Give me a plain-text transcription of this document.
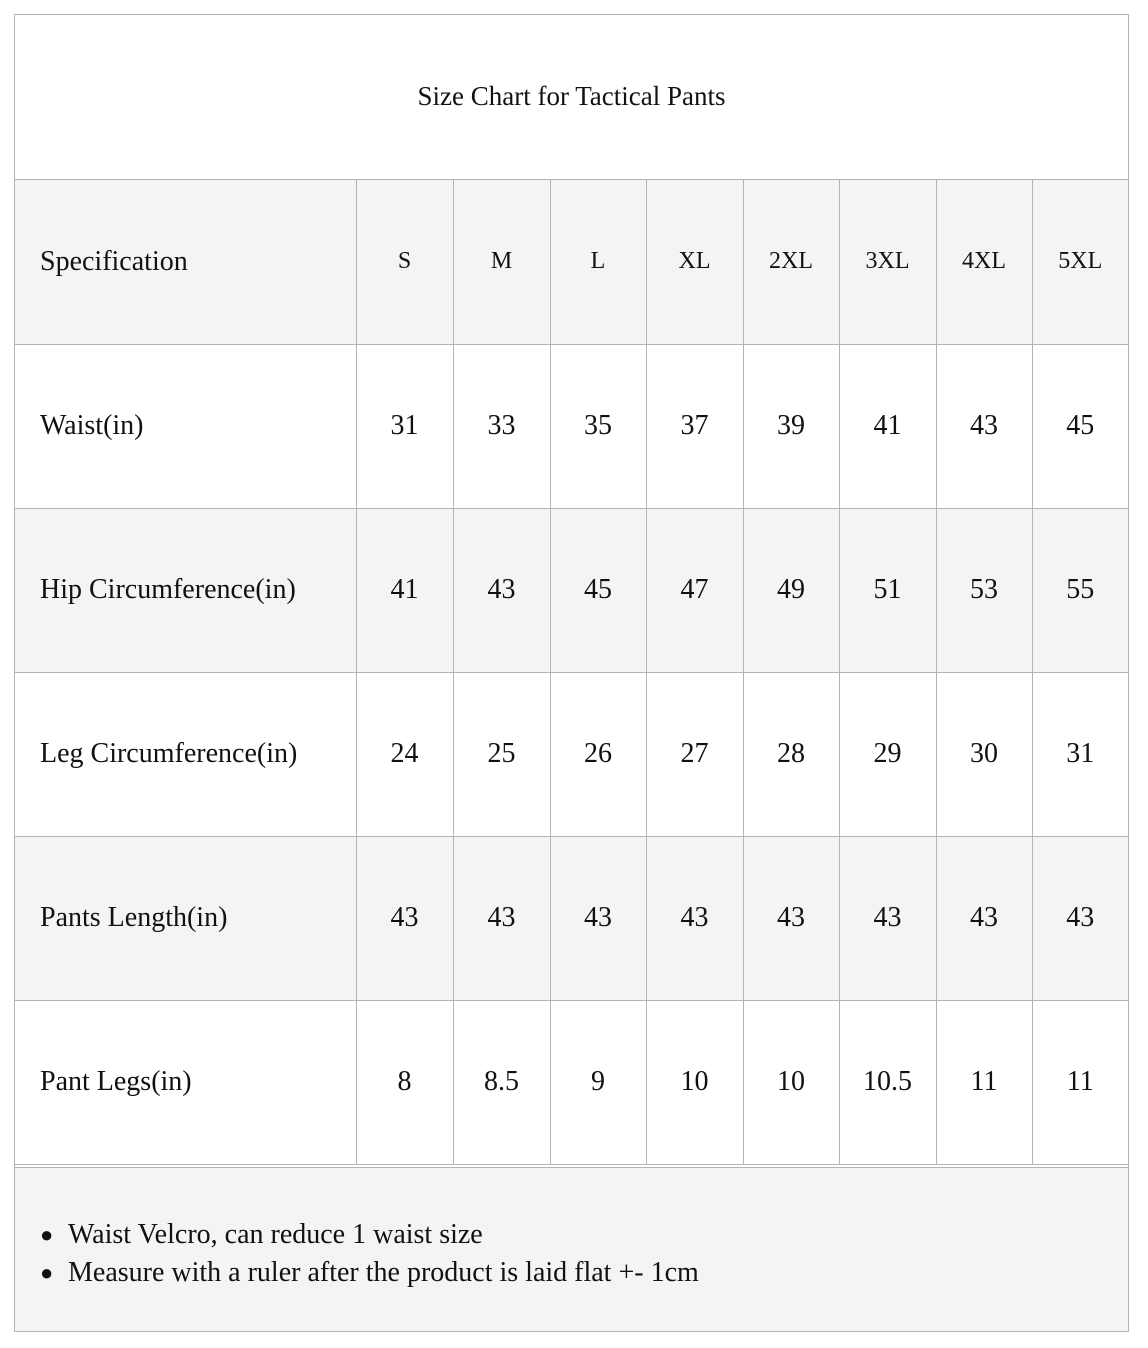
Size Chart for Tactical Pants
Specification	S	M	L	XL	2XL	3XL	4XL	5XL
Waist(in)	31	33	35	37	39	41	43	45
Hip Circumference(in)	41	43	45	47	49	51	53	55
Leg Circumference(in)	24	25	26	27	28	29	30	31
Pants Length(in)	43	43	43	43	43	43	43	43
Pant Legs(in)	8	8.5	9	10	10	10.5	11	11
● Waist Velcro, can reduce 1 waist size
● Measure with a ruler after the product is laid flat +- 1cm
